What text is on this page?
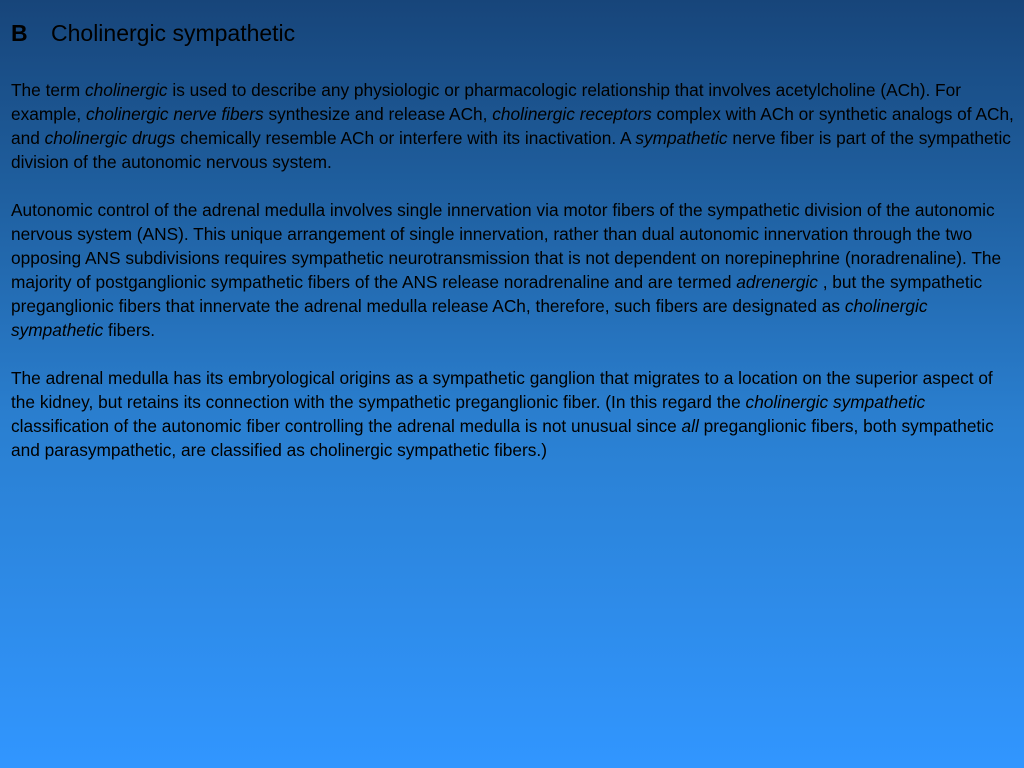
B Cholinergic sympathetic

The term cholinergic is used to describe any physiologic or pharmacologic relationship that involves acetylcholine (ACh). For example, cholinergic nerve fibers synthesize and release ACh, cholinergic receptors complex with ACh or synthetic analogs of ACh, and cholinergic drugs chemically resemble ACh or interfere with its inactivation. A sympathetic nerve fiber is part of the sympathetic division of the autonomic nervous system.

Autonomic control of the adrenal medulla involves single innervation via motor fibers of the sympathetic division of the autonomic nervous system (ANS). This unique arrangement of single innervation, rather than dual autonomic innervation through the two opposing ANS subdivisions requires sympathetic neurotransmission that is not dependent on norepinephrine (noradrenaline). The majority of postganglionic sympathetic fibers of the ANS release noradrenaline and are termed adrenergic , but the sympathetic preganglionic fibers that innervate the adrenal medulla release ACh, therefore, such fibers are designated as cholinergic sympathetic fibers.

The adrenal medulla has its embryological origins as a sympathetic ganglion that migrates to a location on the superior aspect of the kidney, but retains its connection with the sympathetic preganglionic fiber. (In this regard the cholinergic sympathetic classification of the autonomic fiber controlling the adrenal medulla is not unusual since all preganglionic fibers, both sympathetic and parasympathetic, are classified as cholinergic sympathetic fibers.)
